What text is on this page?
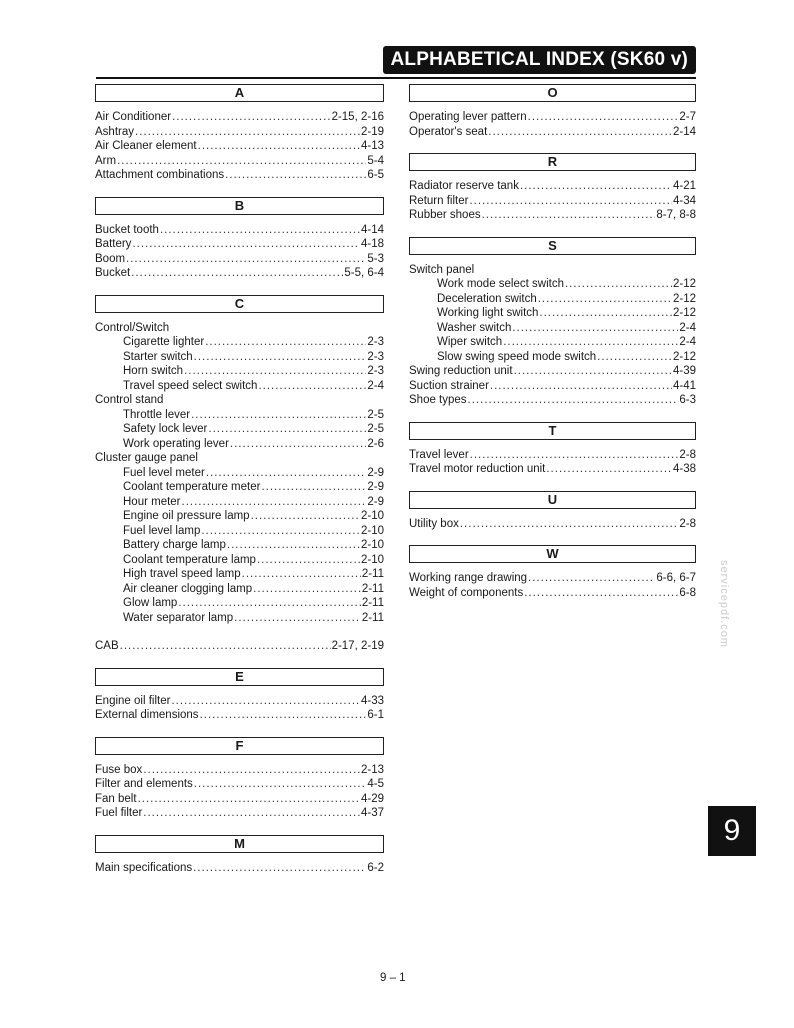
ALPHABETICAL INDEX (SK60 v)
A
Air Conditioner .....	2-15, 2-16
Ashtray .....	2-19
Air Cleaner element .....	4-13
Arm .....	5-4
Attachment combinations .....	6-5
B
Bucket tooth .....	4-14
Battery .....	4-18
Boom .....	5-3
Bucket .....	5-5, 6-4
C
Control/Switch
Cigarette lighter .....	2-3
Starter switch .....	2-3
Horn switch .....	2-3
Travel speed select switch .....	2-4
Control stand
Throttle lever .....	2-5
Safety lock lever .....	2-5
Work operating lever .....	2-6
Cluster gauge panel
Fuel level meter .....	2-9
Coolant temperature meter .....	2-9
Hour meter .....	2-9
Engine oil pressure lamp .....	2-10
Fuel level lamp .....	2-10
Battery charge lamp .....	2-10
Coolant temperature lamp .....	2-10
High travel speed lamp .....	2-11
Air cleaner clogging lamp .....	2-11
Glow lamp .....	2-11
Water separator lamp .....	2-11
CAB .....	2-17, 2-19
E
Engine oil filter .....	4-33
External dimensions .....	6-1
F
Fuse box .....	2-13
Filter and elements .....	4-5
Fan belt .....	4-29
Fuel filter .....	4-37
M
Main specifications .....	6-2
O
Operating lever pattern .....	2-7
Operator's seat .....	2-14
R
Radiator reserve tank .....	4-21
Return filter .....	4-34
Rubber shoes .....	8-7, 8-8
S
Switch panel
Work mode select switch .....	2-12
Deceleration switch .....	2-12
Working light switch .....	2-12
Washer switch .....	2-4
Wiper switch .....	2-4
Slow swing speed mode switch .....	2-12
Swing reduction unit .....	4-39
Suction strainer .....	4-41
Shoe types .....	6-3
T
Travel lever .....	2-8
Travel motor reduction unit .....	4-38
U
Utility box .....	2-8
W
Working range drawing .....	6-6, 6-7
Weight of components .....	6-8
9
9 – 1
servicepdf.com
